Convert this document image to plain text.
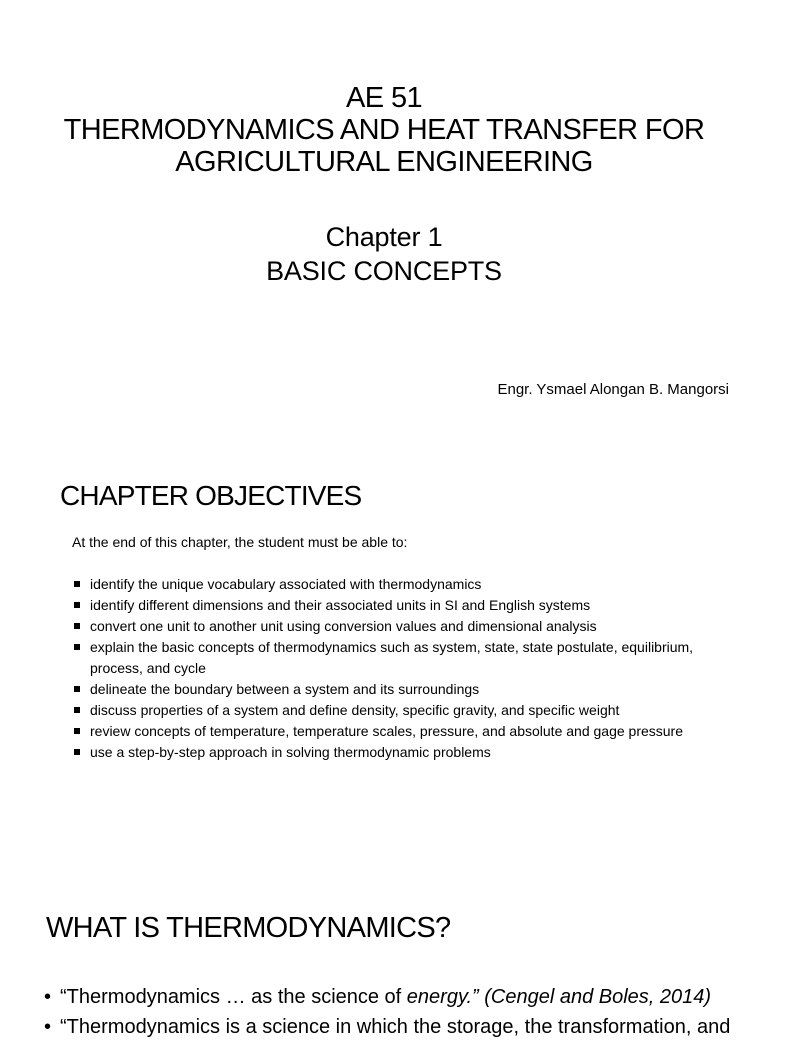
AE 51
THERMODYNAMICS AND HEAT TRANSFER FOR
AGRICULTURAL ENGINEERING
Chapter 1
BASIC CONCEPTS
Engr. Ysmael Alongan B. Mangorsi
CHAPTER OBJECTIVES
At the end of this chapter, the student must be able to:
identify the unique vocabulary associated with thermodynamics
identify different dimensions and their associated units in SI and English systems
convert one unit to another unit using conversion values and dimensional analysis
explain the basic concepts of thermodynamics such as system, state, state postulate, equilibrium, process, and cycle
delineate the boundary between a system and its surroundings
discuss properties of a system and define density, specific gravity, and specific weight
review concepts of temperature, temperature scales, pressure, and absolute and gage pressure
use a step-by-step approach in solving thermodynamic problems
WHAT IS THERMODYNAMICS?
• “Thermodynamics … as the science of energy.” (Cengel and Boles, 2014)
• “Thermodynamics is a science in which the storage, the transformation, and
